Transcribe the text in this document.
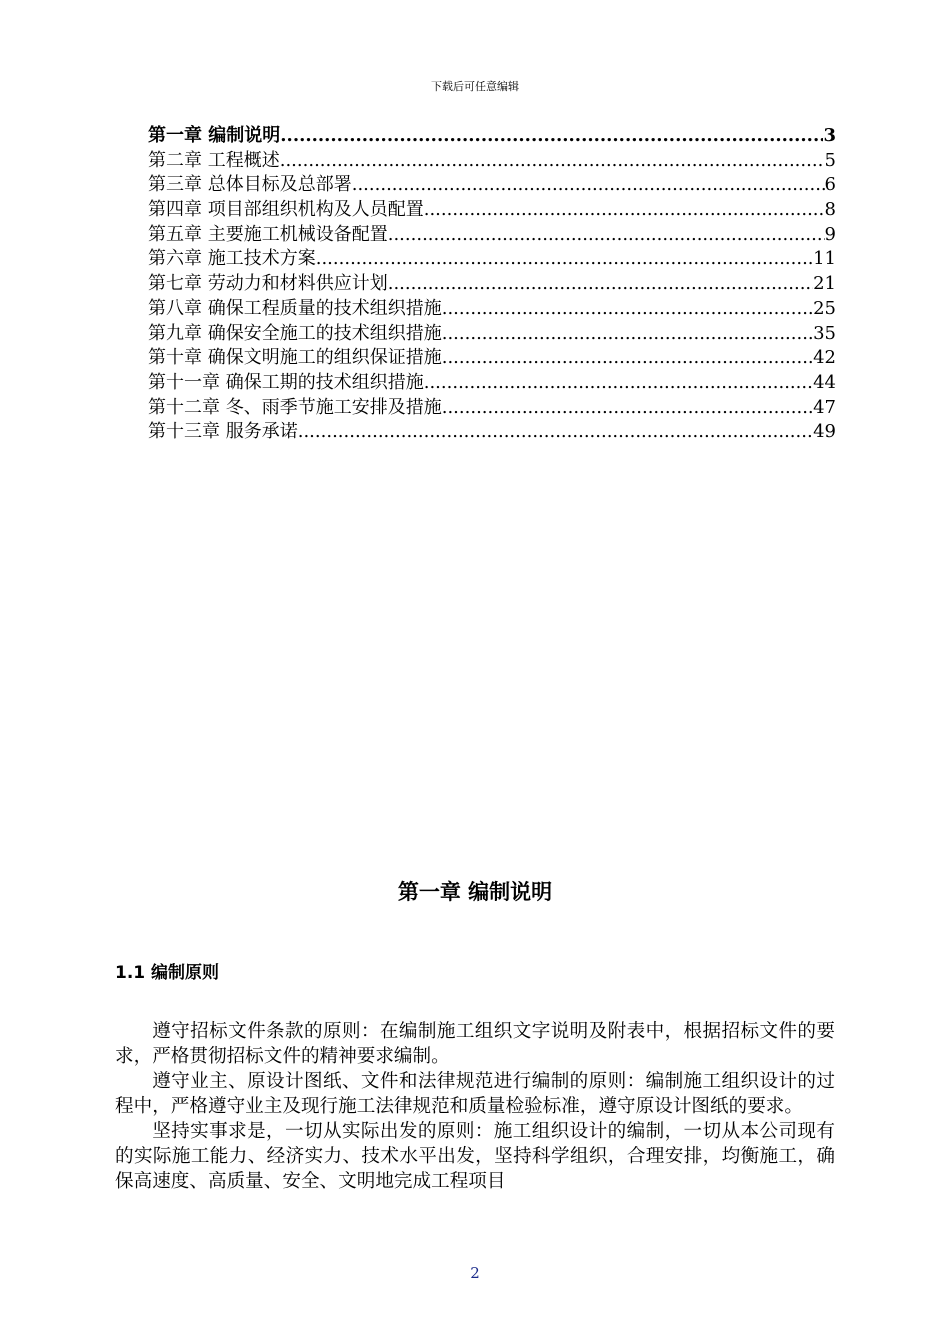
下载后可任意编辑
第一章 编制说明 .....	3
第二章 工程概述 .....	5
第三章 总体目标及总部署 .....	6
第四章 项目部组织机构及人员配置 .....	8
第五章 主要施工机械设备配置 .....	9
第六章 施工技术方案 .....	11
第七章 劳动力和材料供应计划 .....	21
第八章 确保工程质量的技术组织措施 .....	25
第九章 确保安全施工的技术组织措施 .....	35
第十章 确保文明施工的组织保证措施 .....	42
第十一章 确保工期的技术组织措施 .....	44
第十二章 冬、雨季节施工安排及措施 .....	47
第十三章 服务承诺 .....	49
第一章 编制说明
1.1 编制原则

遵守招标文件条款的原则：在编制施工组织文字说明及附表中，根据招标文件的要求，严格贯彻招标文件的精神要求编制。

遵守业主、原设计图纸、文件和法律规范进行编制的原则：编制施工组织设计的过程中，严格遵守业主及现行施工法律规范和质量检验标准，遵守原设计图纸的要求。

坚持实事求是，一切从实际出发的原则：施工组织设计的编制，一切从本公司现有的实际施工能力、经济实力、技术水平出发，坚持科学组织，合理安排，均衡施工，确保高速度、高质量、安全、文明地完成工程项目

2
